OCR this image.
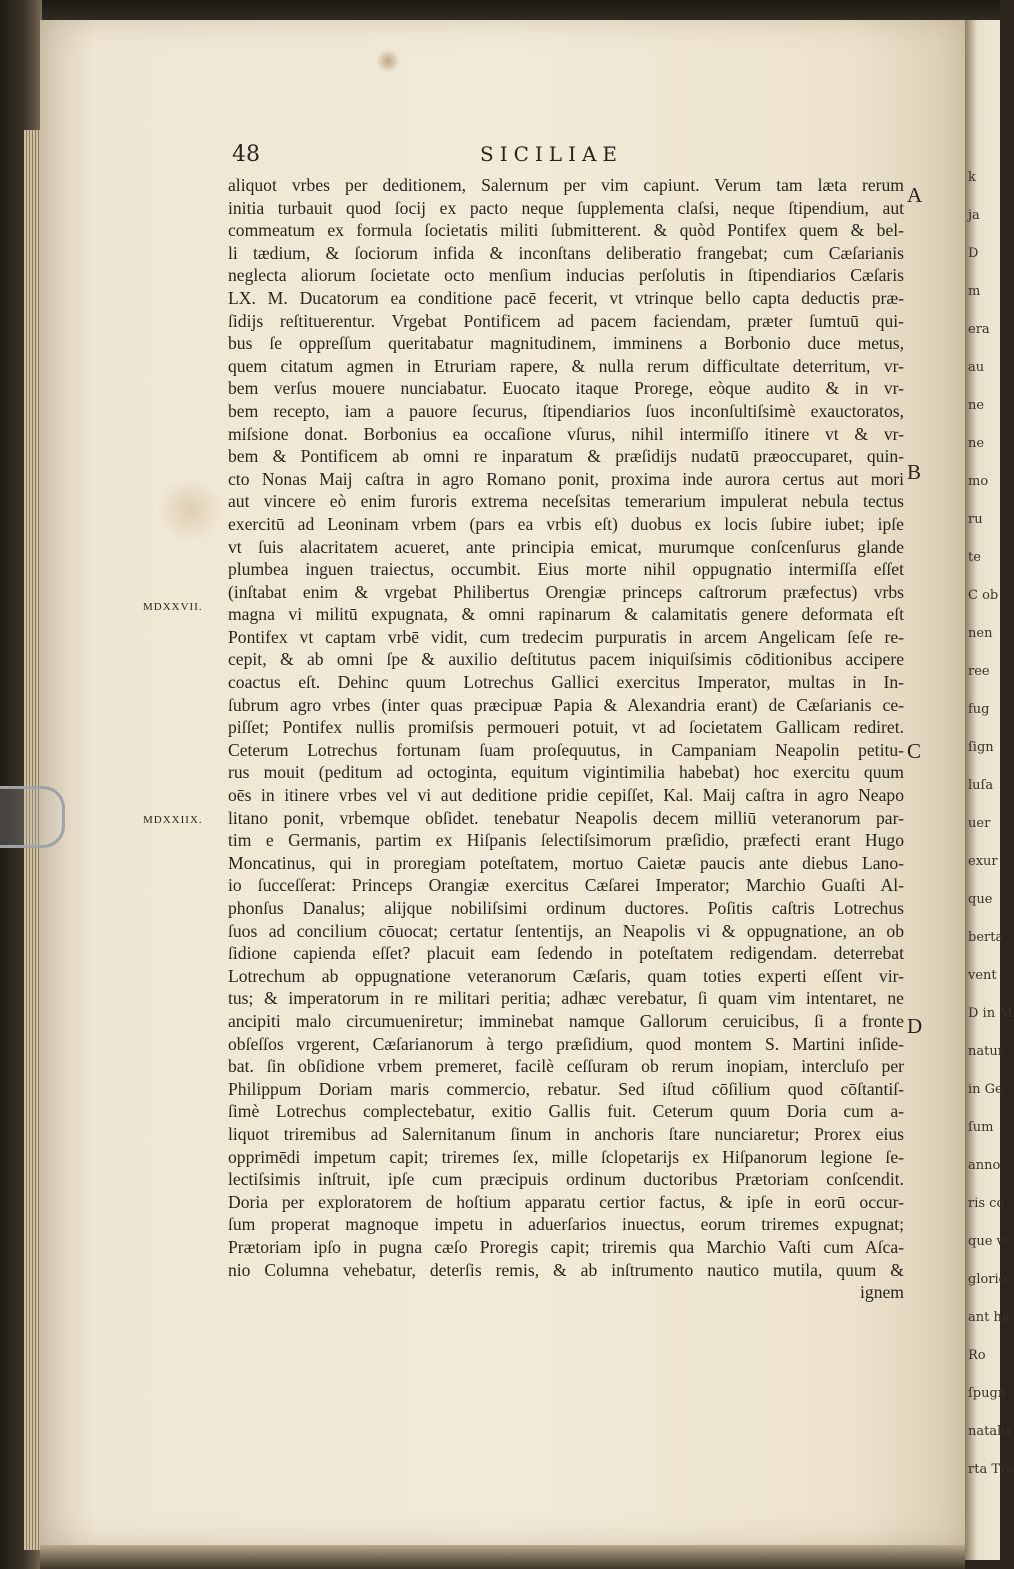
k
ja
D
m
era
au
ne
ne
mo
ru
te
C ob
nen
ree
fug
ſign
luſa
uer
exur
que
berta
vent
D in M
natur
in Ge
ſum
anno
ris co
que vi
glorio
ant ha
Ro
ſpugn
natalis
rta Tro
48	SICILIAE
aliquot vrbes per deditionem, Salernum per vim capiunt. Verum tam læta rerum
initia turbauit quod ſocij ex pacto neque ſupplementa claſsi, neque ſtipendium, aut
commeatum ex formula ſocietatis militi ſubmitterent. & quòd Pontifex quem & bel-
li tædium, & ſociorum infida & inconſtans deliberatio frangebat; cum Cæſarianis
neglecta aliorum ſocietate octo menſium inducias perſolutis in ſtipendiarios Cæſaris
LX. M. Ducatorum ea conditione pacē fecerit, vt vtrinque bello capta deductis præ-
ſidijs reſtituerentur. Vrgebat Pontificem ad pacem faciendam, præter ſumtuū qui-
bus ſe oppreſſum queritabatur magnitudinem, imminens a Borbonio duce metus,
quem citatum agmen in Etruriam rapere, & nulla rerum difficultate deterritum, vr-
bem verſus mouere nunciabatur. Euocato itaque Prorege, eòque audito & in vr-
bem recepto, iam a pauore ſecurus, ſtipendiarios ſuos inconſultiſsimè exauctoratos,
miſsione donat. Borbonius ea occaſione vſurus, nihil intermiſſo itinere vt & vr-
bem & Pontificem ab omni re inparatum & præſidijs nudatū præoccuparet, quin-
cto Nonas Maij caſtra in agro Romano ponit, proxima inde aurora certus aut mori
aut vincere eò enim furoris extrema neceſsitas temerarium impulerat nebula tectus
exercitū ad Leoninam vrbem (pars ea vrbis eſt) duobus ex locis ſubire iubet; ipſe
vt ſuis alacritatem acueret, ante principia emicat, murumque conſcenſurus glande
plumbea inguen traiectus, occumbit. Eius morte nihil oppugnatio intermiſſa eſſet
(inſtabat enim & vrgebat Philibertus Orengiæ princeps caſtrorum præfectus) vrbs
magna vi militū expugnata, & omni rapinarum & calamitatis genere deformata eſt
Pontifex vt captam vrbē vidit, cum tredecim purpuratis in arcem Angelicam ſeſe re-
cepit, & ab omni ſpe & auxilio deſtitutus pacem iniquiſsimis cōditionibus accipere
coactus eſt. Dehinc quum Lotrechus Gallici exercitus Imperator, multas in In-
ſubrum agro vrbes (inter quas præcipuæ Papia & Alexandria erant) de Cæſarianis ce-
piſſet; Pontifex nullis promiſsis permoueri potuit, vt ad ſocietatem Gallicam rediret.
Ceterum Lotrechus fortunam ſuam proſequutus, in Campaniam Neapolin petitu-
rus mouit (peditum ad octoginta, equitum vigintimilia habebat) hoc exercitu quum
oēs in itinere vrbes vel vi aut deditione pridie cepiſſet, Kal. Maij caſtra in agro Neapo
litano ponit, vrbemque obſidet. tenebatur Neapolis decem milliū veteranorum par-
tim e Germanis, partim ex Hiſpanis ſelectiſsimorum præſidio, præfecti erant Hugo
Moncatinus, qui in proregiam poteſtatem, mortuo Caietæ paucis ante diebus Lano-
io ſucceſſerat: Princeps Orangiæ exercitus Cæſarei Imperator; Marchio Guaſti Al-
phonſus Danalus; alijque nobiliſsimi ordinum ductores. Poſitis caſtris Lotrechus
ſuos ad concilium cōuocat; certatur ſententijs, an Neapolis vi & oppugnatione, an ob
ſidione capienda eſſet? placuit eam ſedendo in poteſtatem redigendam. deterrebat
Lotrechum ab oppugnatione veteranorum Cæſaris, quam toties experti eſſent vir-
tus; & imperatorum in re militari peritia; adhæc verebatur, ſi quam vim intentaret, ne
ancipiti malo circumueniretur; imminebat namque Gallorum ceruicibus, ſi a fronte
obſeſſos vrgerent, Cæſarianorum à tergo præſidium, quod montem S. Martini inſide-
bat. ſin obſidione vrbem premeret, facilè ceſſuram ob rerum inopiam, intercluſo per
Philippum Doriam maris commercio, rebatur. Sed iſtud cōſilium quod cōſtantiſ-
ſimè Lotrechus complectebatur, exitio Gallis fuit. Ceterum quum Doria cum a-
liquot triremibus ad Salernitanum ſinum in anchoris ſtare nunciaretur; Prorex eius
opprimēdi impetum capit; triremes ſex, mille ſclopetarijs ex Hiſpanorum legione ſe-
lectiſsimis inſtruit, ipſe cum præcipuis ordinum ductoribus Prætoriam conſcendit.
Doria per exploratorem de hoſtium apparatu certior factus, & ipſe in eorū occur-
ſum properat magnoque impetu in aduerſarios inuectus, eorum triremes expugnat;
Prætoriam ipſo in pugna cæſo Proregis capit; triremis qua Marchio Vaſti cum Aſca-
nio Columna vehebatur, deterſis remis, & ab inſtrumento nautico mutila, quum &
ignem
A
B
C
D
MDXXVII.
MDXXIIX.
